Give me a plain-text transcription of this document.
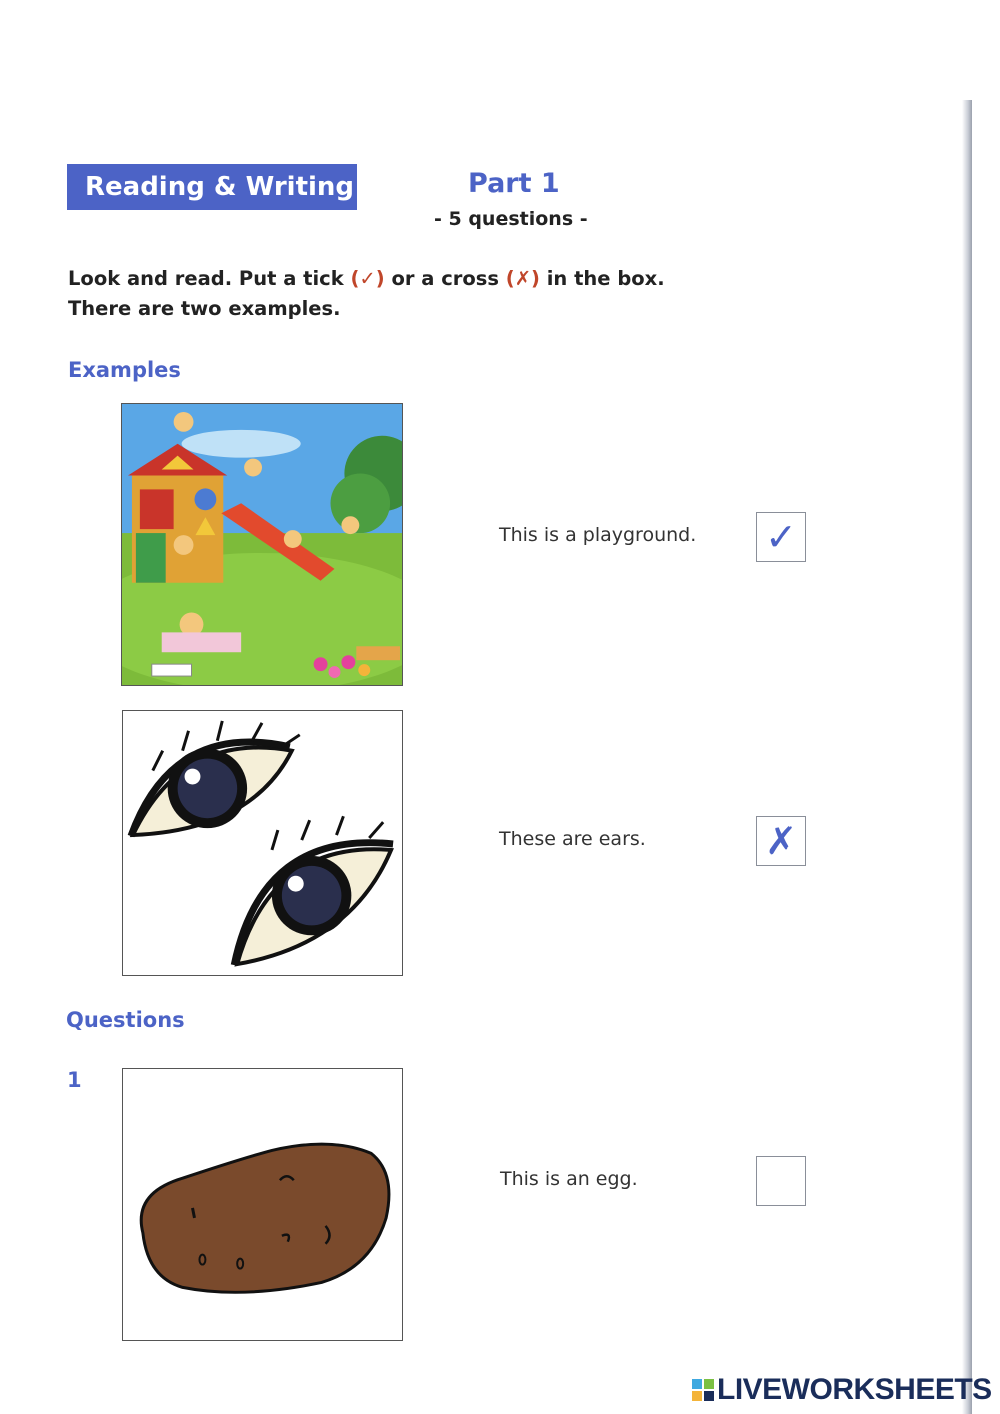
Reading & Writing	Part 1
- 5 questions -
Look and read. Put a tick (✓) or a cross (✗) in the box.
There are two examples.
Examples
This is a playground. ✓
These are ears.	✗
Questions
1
This is an egg.
LIVEWORKSHEETS
